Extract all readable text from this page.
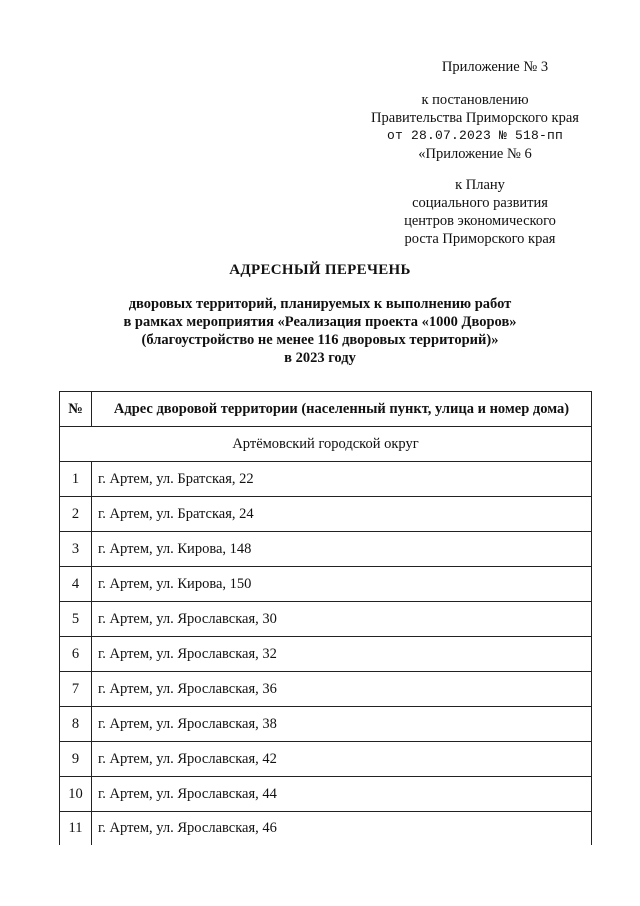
Приложение № 3
к постановлению
Правительства Приморского края
от 28.07.2023 № 518-пп
«Приложение № 6
к Плану
социального развития
центров экономического
роста Приморского края
АДРЕСНЫЙ ПЕРЕЧЕНЬ
дворовых территорий, планируемых к выполнению работ
в рамках мероприятия «Реализация проекта «1000 Дворов»
(благоустройство не менее 116 дворовых территорий)»
в 2023 году
№	Адрес дворовой территории (населенный пункт, улица и номер дома)
Артёмовский городской округ	
1	г. Артем, ул. Братская, 22
2	г. Артем, ул. Братская, 24
3	г. Артем, ул. Кирова, 148
4	г. Артем, ул. Кирова, 150
5	г. Артем, ул. Ярославская, 30
6	г. Артем, ул. Ярославская, 32
7	г. Артем, ул. Ярославская, 36
8	г. Артем, ул. Ярославская, 38
9	г. Артем, ул. Ярославская, 42
10	г. Артем, ул. Ярославская, 44
11	г. Артем, ул. Ярославская, 46
